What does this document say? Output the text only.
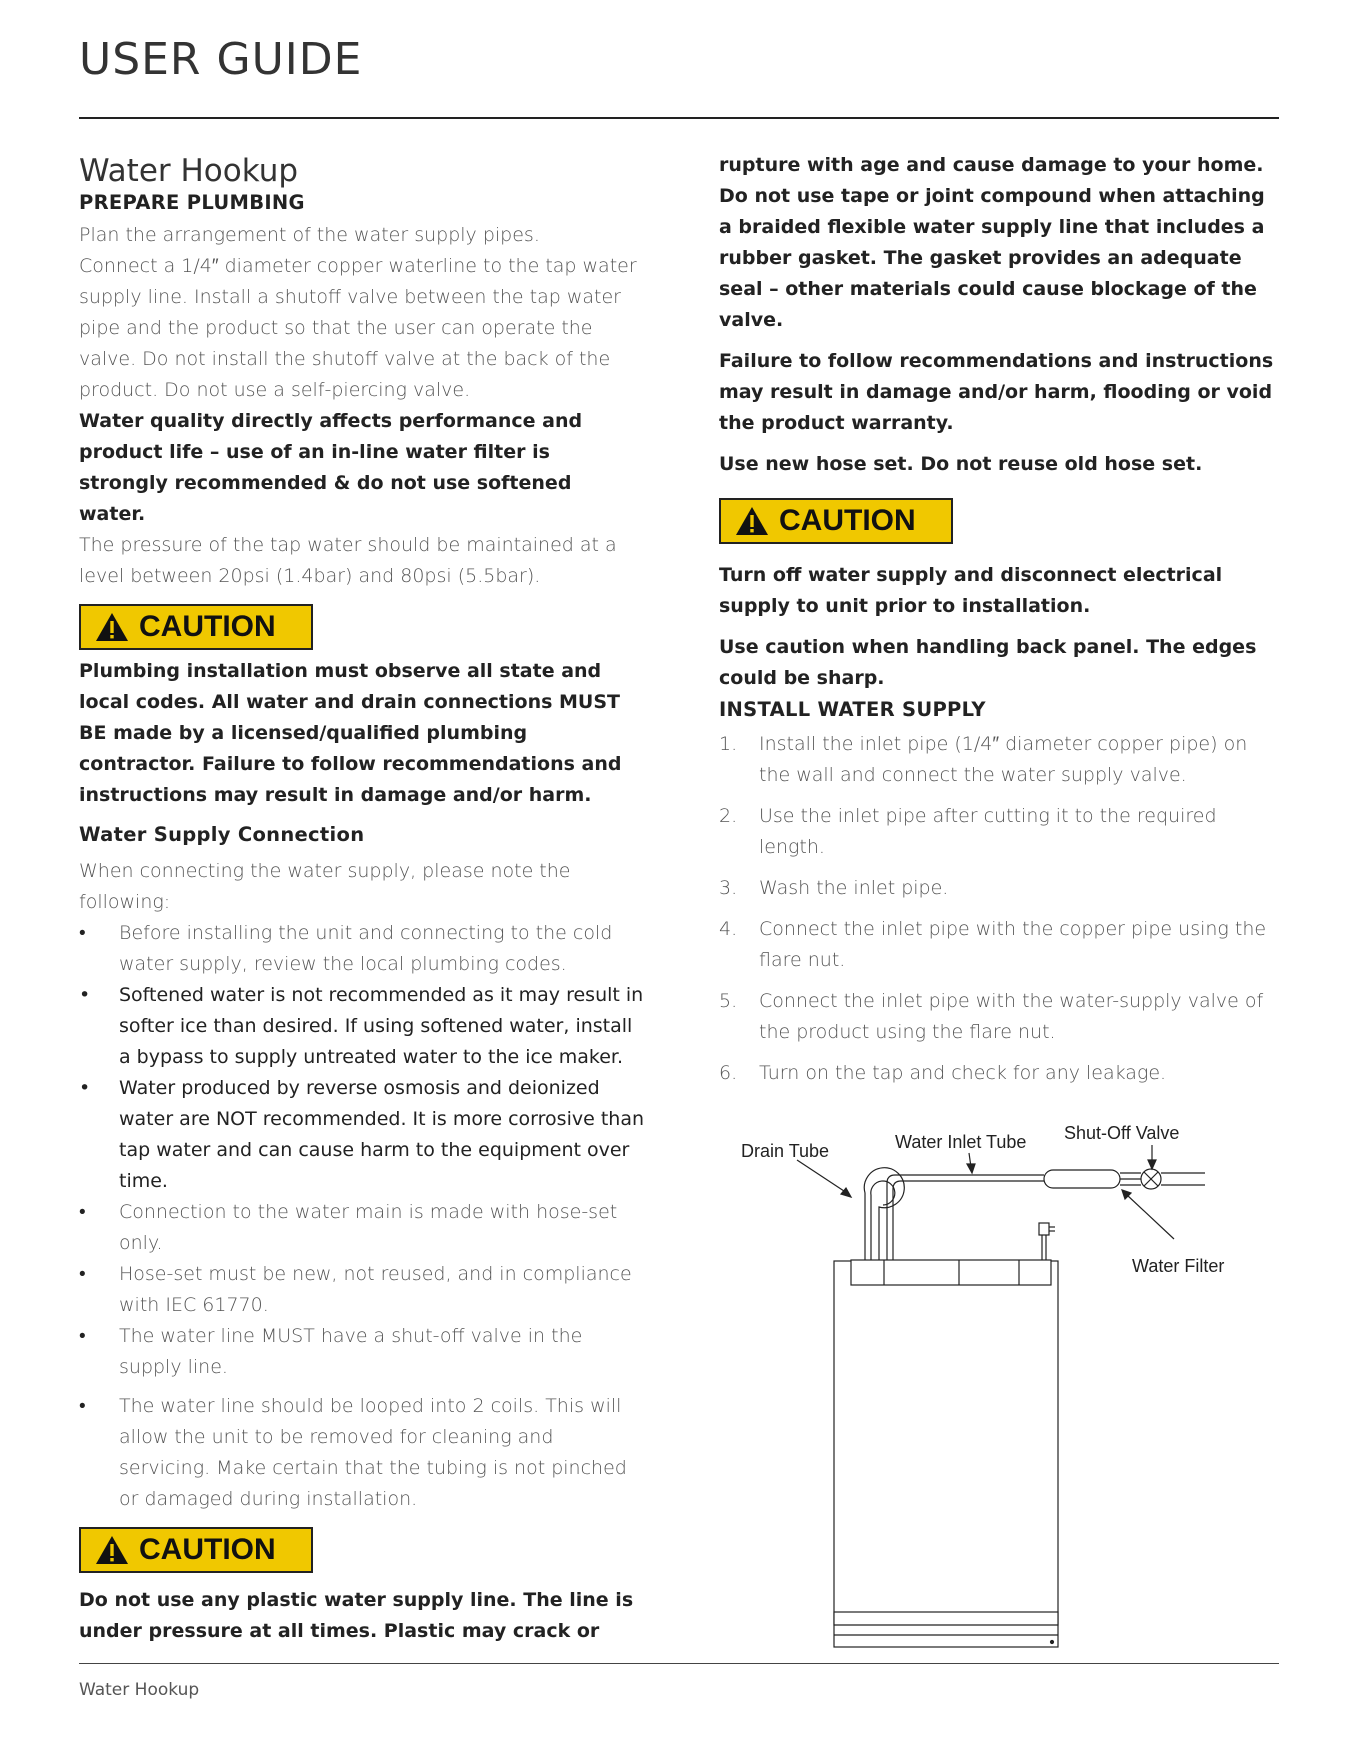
USER GUIDE
Water Hookup
PREPARE PLUMBING

Plan the arrangement of the water supply pipes.

Connect a 1/4″ diameter copper waterline to the tap water supply line. Install a shutoff valve between the tap water pipe and the product so that the user can operate the valve. Do not install the shutoff valve at the back of the product. Do not use a self-piercing valve.

Water quality directly affects performance and product life – use of an in-line water filter is strongly recommended & do not use softened water.

The pressure of the tap water should be maintained at a level between 20psi (1.4bar) and 80psi (5.5bar).

CAUTION

Plumbing installation must observe all state and local codes. All water and drain connections MUST BE made by a licensed/qualified plumbing contractor. Failure to follow recommendations and instructions may result in damage and/or harm.

Water Supply Connection

When connecting the water supply, please note the following:

• Before installing the unit and connecting to the cold water supply, review the local plumbing codes.
• Softened water is not recommended as it may result in softer ice than desired. If using softened water, install a bypass to supply untreated water to the ice maker.
• Water produced by reverse osmosis and deionized water are NOT recommended. It is more corrosive than tap water and can cause harm to the equipment over time.
• Connection to the water main is made with hose-set only.
• Hose-set must be new, not reused, and in compliance with IEC 61770.
• The water line MUST have a shut-off valve in the supply line.
• The water line should be looped into 2 coils. This will allow the unit to be removed for cleaning and servicing. Make certain that the tubing is not pinched or damaged during installation.
CAUTION

Do not use any plastic water supply line. The line is under pressure at all times. Plastic may crack or

rupture with age and cause damage to your home. Do not use tape or joint compound when attaching a braided flexible water supply line that includes a rubber gasket. The gasket provides an adequate seal – other materials could cause blockage of the valve.

Failure to follow recommendations and instructions may result in damage and/or harm, flooding or void the product warranty.

Use new hose set. Do not reuse old hose set.

CAUTION

Turn off water supply and disconnect electrical supply to unit prior to installation.

Use caution when handling back panel. The edges could be sharp.

INSTALL WATER SUPPLY
1. Install the inlet pipe (1/4″ diameter copper pipe) on the wall and connect the water supply valve.
2. Use the inlet pipe after cutting it to the required length.
3. Wash the inlet pipe.
4. Connect the inlet pipe with the copper pipe using the flare nut.
5. Connect the inlet pipe with the water-supply valve of the product using the flare nut.
6. Turn on the tap and check for any leakage.
Drain Tube	Water Inlet Tube Shut-Off Valve
Water Filter
Water Hookup
